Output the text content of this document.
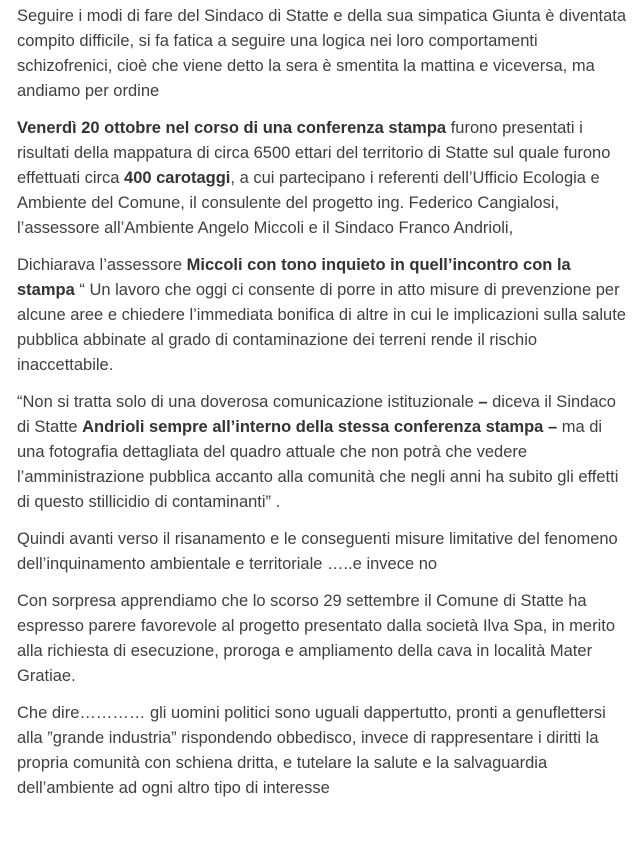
Seguire i modi di fare del Sindaco di Statte e della sua simpatica Giunta è diventata compito difficile, si fa fatica a seguire una logica nei loro comportamenti schizofrenici, cioè che viene detto la sera è smentita la mattina e viceversa, ma andiamo per ordine

Venerdì 20 ottobre nel corso di una conferenza stampa furono presentati i risultati della mappatura di circa 6500 ettari del territorio di Statte sul quale furono effettuati circa 400 carotaggi, a cui partecipano i referenti dell’Ufficio Ecologia e Ambiente del Comune, il consulente del progetto ing. Federico Cangialosi, l’assessore all’Ambiente Angelo Miccoli e il Sindaco Franco Andrioli,

Dichiarava l’assessore Miccoli con tono inquieto in quell’incontro con la stampa “ Un lavoro che oggi ci consente di porre in atto misure di prevenzione per alcune aree e chiedere l’immediata bonifica di altre in cui le implicazioni sulla salute pubblica abbinate al grado di contaminazione dei terreni rende il rischio inaccettabile.

“Non si tratta solo di una doverosa comunicazione istituzionale – diceva il Sindaco di Statte Andrioli sempre all’interno della stessa conferenza stampa – ma di una fotografia dettagliata del quadro attuale che non potrà che vedere l’amministrazione pubblica accanto alla comunità che negli anni ha subito gli effetti di questo stillicidio di contaminanti” .

Quindi avanti verso il risanamento e le conseguenti misure limitative del fenomeno dell’inquinamento ambientale e territoriale …..e invece no

Con sorpresa apprendiamo che lo scorso 29 settembre il Comune di Statte ha espresso parere favorevole al progetto presentato dalla società Ilva Spa, in merito alla richiesta di esecuzione, proroga e ampliamento della cava in località Mater Gratiae.

Che dire………… gli uomini politici sono uguali dappertutto, pronti a genuflettersi alla ”grande industria” rispondendo obbedisco, invece di rappresentare i diritti la propria comunità con schiena dritta, e tutelare la salute e la salvaguardia dell’ambiente ad ogni altro tipo di interesse
